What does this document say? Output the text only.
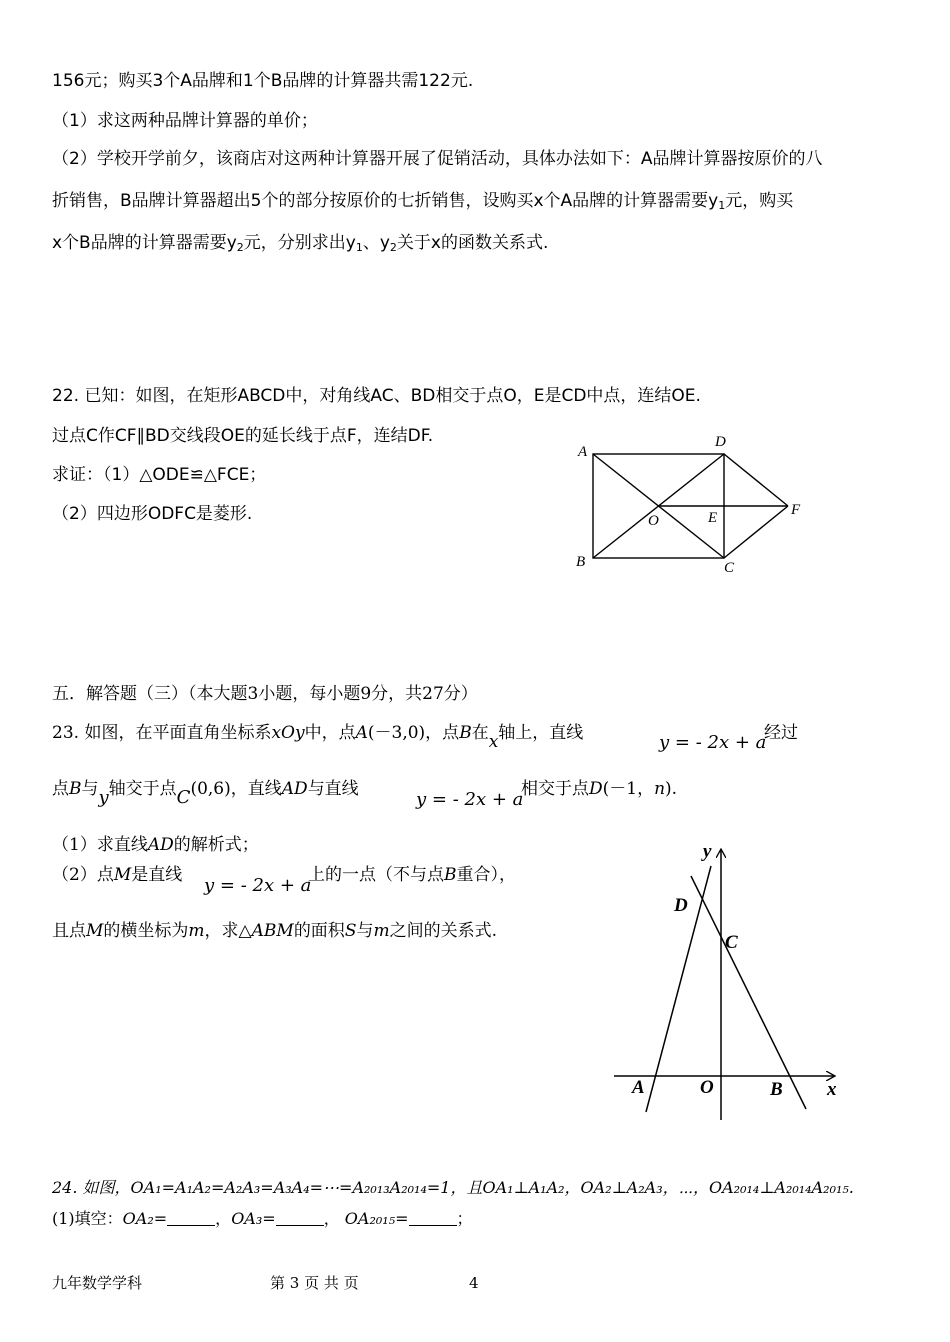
156元；购买3个A品牌和1个B品牌的计算器共需122元.
（1）求这两种品牌计算器的单价；
（2）学校开学前夕，该商店对这两种计算器开展了促销活动，具体办法如下：A品牌计算器按原价的八
折销售，B品牌计算器超出5个的部分按原价的七折销售，设购买x个A品牌的计算器需要$y_1$元，购买
x个B品牌的计算器需要$y_2$元，分别求出$y_1$、$y_2$关于x的函数关系式.
22. 已知：如图，在矩形ABCD中，对角线AC、BD相交于点O，E是CD中点，连结OE.
过点C作CF∥BD交线段OE的延长线于点F，连结DF.
求证：（1）△ODE≌△FCE；
（2）四边形ODFC是菱形.
A
D
B	C
O	E	F
五．解答题（三）（本大题3小题，每小题9分，共27分）
23. 如图，在平面直角坐标系xOy中，点A(－3,0)，点B在x轴上，直线	y = - 2x + a
经过
点B与y轴交于点C(0,6)，直线AD与直线	y = - 2x + a
相交于点D(－1，n).
（1）求直线AD的解析式；
（2）点M是直线 y = - 2x + a
上的一点（不与点B重合），
且点M的横坐标为m，求△ABM的面积S与m之间的关系式.
y
x
D
C
A	O	B
24. 如图，OA₁=A₁A₂=A₂A₃=A₃A₄=⋯=A₂₀₁₃A₂₀₁₄=1，且OA₁⊥A₁A₂，OA₂⊥A₂A₃，⋯，OA₂₀₁₄⊥A₂₀₁₄A₂₀₁₅.
(1)填空：OA₂=	，OA₃=	， OA₂₀₁₅=	；
九年数学学科	第 3 页 共 页	4
